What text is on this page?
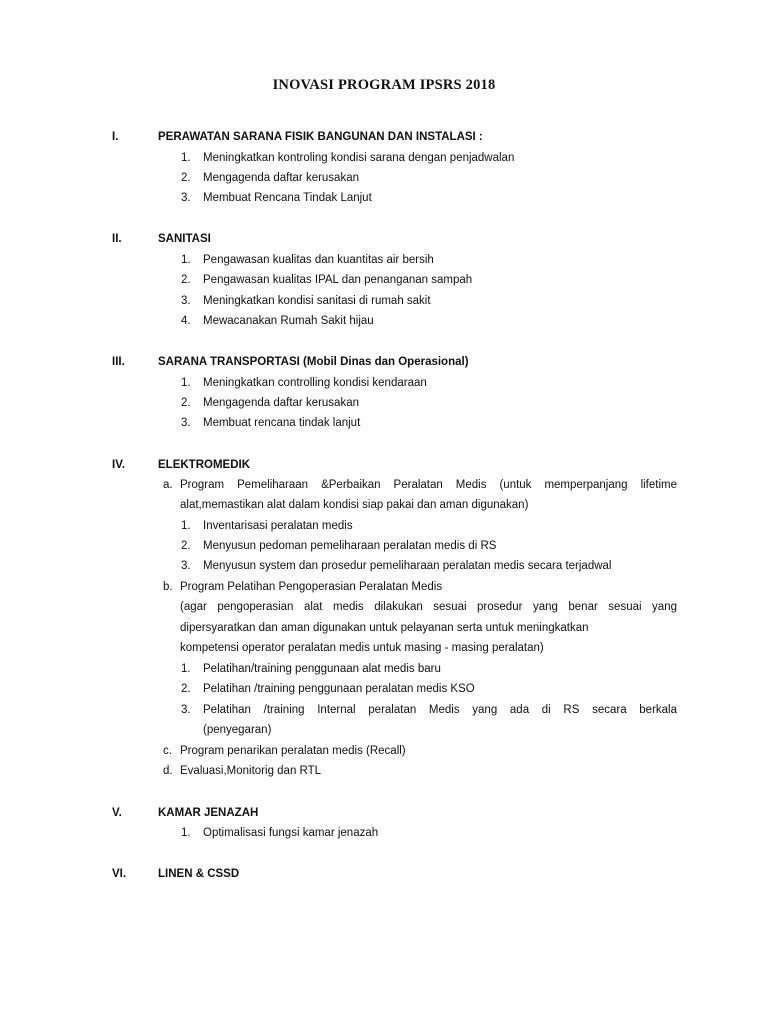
INOVASI PROGRAM IPSRS 2018
I.	PERAWATAN SARANA FISIK BANGUNAN DAN INSTALASI :
1. Meningkatkan kontroling kondisi sarana dengan penjadwalan
2. Mengagenda daftar kerusakan
3. Membuat Rencana Tindak Lanjut
II.	SANITASI
1. Pengawasan kualitas dan kuantitas air bersih
2. Pengawasan kualitas IPAL dan penanganan sampah
3. Meningkatkan kondisi sanitasi di rumah sakit
4. Mewacanakan Rumah Sakit hijau
III.	SARANA TRANSPORTASI (Mobil Dinas dan Operasional)
1. Meningkatkan controlling kondisi kendaraan
2. Mengagenda daftar kerusakan
3. Membuat rencana tindak lanjut
IV.	ELEKTROMEDIK
a. Program Pemeliharaan &Perbaikan Peralatan Medis (untuk memperpanjang lifetime
alat,memastikan alat dalam kondisi siap pakai dan aman digunakan)
1. Inventarisasi peralatan medis
2. Menyusun pedoman pemeliharaan peralatan medis di RS
3. Menyusun system dan prosedur pemeliharaan peralatan medis secara terjadwal
b. Program Pelatihan Pengoperasian Peralatan Medis
(agar pengoperasian alat medis dilakukan sesuai prosedur yang benar sesuai yang
dipersyaratkan dan aman digunakan untuk pelayanan serta untuk meningkatkan
kompetensi operator peralatan medis untuk masing - masing peralatan)
1. Pelatihan/training penggunaan alat medis baru
2. Pelatihan /training penggunaan peralatan medis KSO
3. Pelatihan /training Internal peralatan Medis yang ada di RS secara berkala
(penyegaran)
c. Program penarikan peralatan medis (Recall)
d. Evaluasi,Monitorig dan RTL
V.	KAMAR JENAZAH
1. Optimalisasi fungsi kamar jenazah
VI.	LINEN & CSSD
